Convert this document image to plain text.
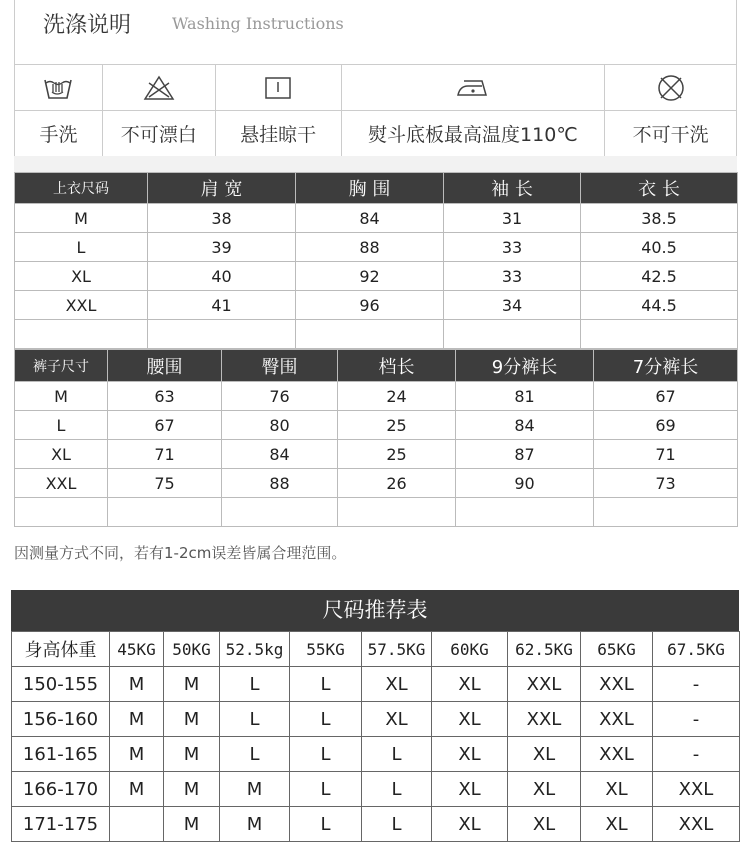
洗涤说明	Washing Instructions

手洗	不可漂白	悬挂晾干	熨斗底板最高温度110℃	不可干洗
上衣尺码	肩 宽	胸 围	袖 长	衣 长
M	38	84	31	38.5
L	39	88	33	40.5
XL	40	92	33	42.5
XXL	41	96	34	44.5

裤子尺寸	腰围	臀围	档长	9分裤长	7分裤长
M	63	76	24	81	67
L	67	80	25	84	69
XL	71	84	25	87	71
XXL	75	88	26	90	73

因测量方式不同，若有1-2cm误差皆属合理范围。
尺码推荐表
身高体重	45KG	50KG	52.5kg	55KG	57.5KG	60KG	62.5KG	65KG	67.5KG
150-155	M	M	L	L	XL	XL	XXL	XXL	-
156-160	M	M	L	L	XL	XL	XXL	XXL	-
161-165	M	M	L	L	L	XL	XL	XXL	-
166-170	M	M	M	L	L	XL	XL	XL	XXL
171-175		M	M	L	L	XL	XL	XL	XXL
